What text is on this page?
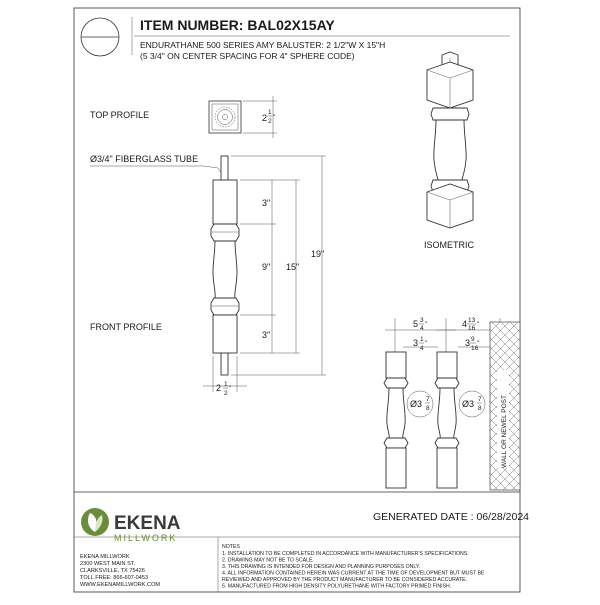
ITEM NUMBER: BAL02X15AY
ENDURATHANE 500 SERIES AMY BALUSTER: 2 1/2"W X 15"H
(5 3/4" ON CENTER SPACING FOR 4" SPHERE CODE)
TOP PROFILE	2
1
2
"
Ø3/4" FIBERGLASS TUBE
FRONT PROFILE
3"
9"
3"
15"
19"
2 1
2
"
ISOMETRIC
5 3
4
"	4 13
16
"
3 1
4
"	3 9
16
"
Ø3 7
8	Ø3 7
8	WALL OR NEWEL POST
GENERATED DATE : 06/28/2024
EKENA
MILLWORK
EKENA MILLWORK
2300 WEST MAIN ST.
CLARKSVILLE, TX 75426
TOLL FREE: 866-607-0453
WWW.EKENAMILLWORK.COM
NOTES
1. INSTALLATION TO BE COMPLETED IN ACCORDANCE WITH MANUFACTURER'S SPECIFICATIONS.
2. DRAWING MAY NOT BE TO SCALE.
3. THIS DRAWING IS INTENDED FOR DESIGN AND PLANNING PURPOSES ONLY.
4. ALL INFORMATION CONTAINED HEREIN WAS CURRENT AT THE TIME OF DEVELOPMENT BUT MUST BE
REVIEWED AND APPROVED BY THE PRODUCT MANUFACTURER TO BE CONSIDERED ACCURATE.
5. MANUFACTURED FROM HIGH DENSITY POLYURETHANE WITH FACTORY PRIMED FINISH.
